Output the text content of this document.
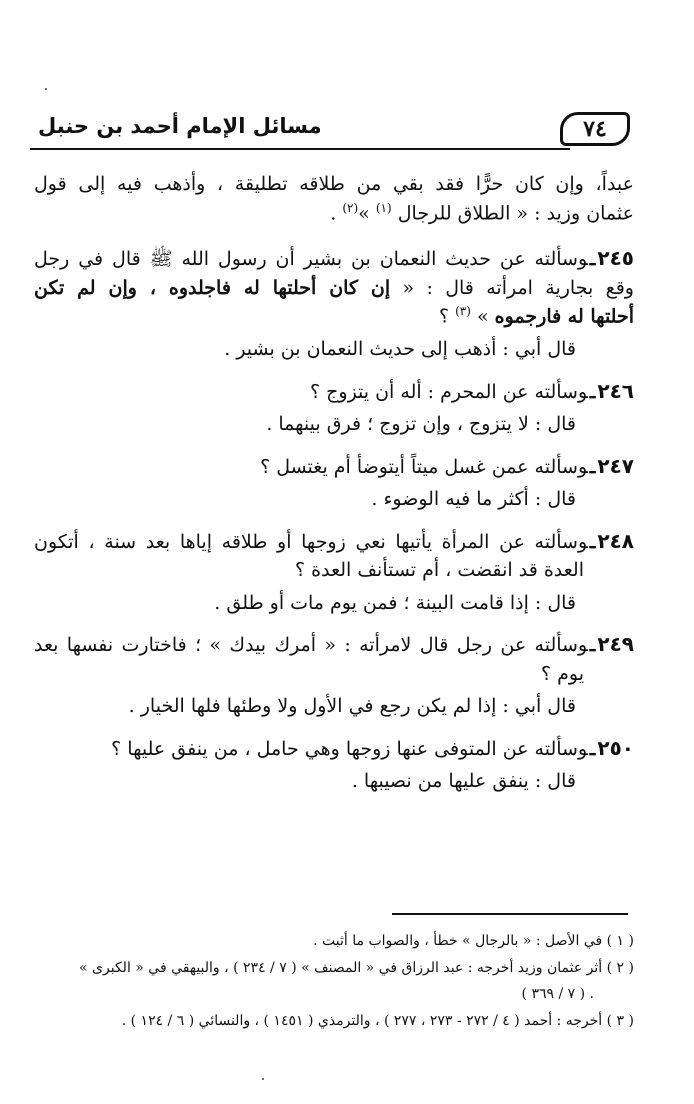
٧٤
مسائل الإمام أحمد بن حنبل
عبداً، وإن كان حرًّا فقد بقي من طلاقه تطليقة ، وأذهب فيه إلى قول
عثمان وزيد : « الطلاق للرجال $^{(١)}$ »$^{(٢)}$ .
٢٤٥ـوسألته عن حديث النعمان بن بشير أن رسول الله ﷺ قال في رجل
وقع بجارية امرأته قال : « إن كان أحلتها له فاجلدوه ، وإن لم تكن
أحلتها له فارجموه » $^{(٣)}$ ؟
قال أبي : أذهب إلى حديث النعمان بن بشير .
٢٤٦ـوسألته عن المحرم : أله أن يتزوج ؟
قال : لا يتزوج ، وإن تزوج ؛ فرق بينهما .
٢٤٧ـوسألته عمن غسل ميتاً أيتوضأ أم يغتسل ؟
قال : أكثر ما فيه الوضوء .
٢٤٨ـوسألته عن المرأة يأتيها نعي زوجها أو طلاقه إياها بعد سنة ، أتكون
العدة قد انقضت ، أم تستأنف العدة ؟
قال : إذا قامت البينة ؛ فمن يوم مات أو طلق .
٢٤٩ـوسألته عن رجل قال لامرأته : « أمرك بيدك » ؛ فاختارت نفسها بعد
يوم ؟
قال أبي : إذا لم يكن رجع في الأول ولا وطئها فلها الخيار .
٢٥٠ـوسألته عن المتوفى عنها زوجها وهي حامل ، من ينفق عليها ؟
قال : ينفق عليها من نصيبها .
( ١ ) في الأصل : « بالرجال » خطأ ، والصواب ما أثبت .
( ٢ ) أثر عثمان وزيد أخرجه : عبد الرزاق في « المصنف » ( ٧ / ٢٣٤ ) ، والبيهقي في « الكبرى »
. ( ٧ / ٣٦٩ )
( ٣ ) أخرجه : أحمد ( ٤ / ٢٧٢ - ٢٧٣ ، ٢٧٧ ) ، والترمذي ( ١٤٥١ ) ، والنسائي ( ٦ / ١٢٤ ) .
